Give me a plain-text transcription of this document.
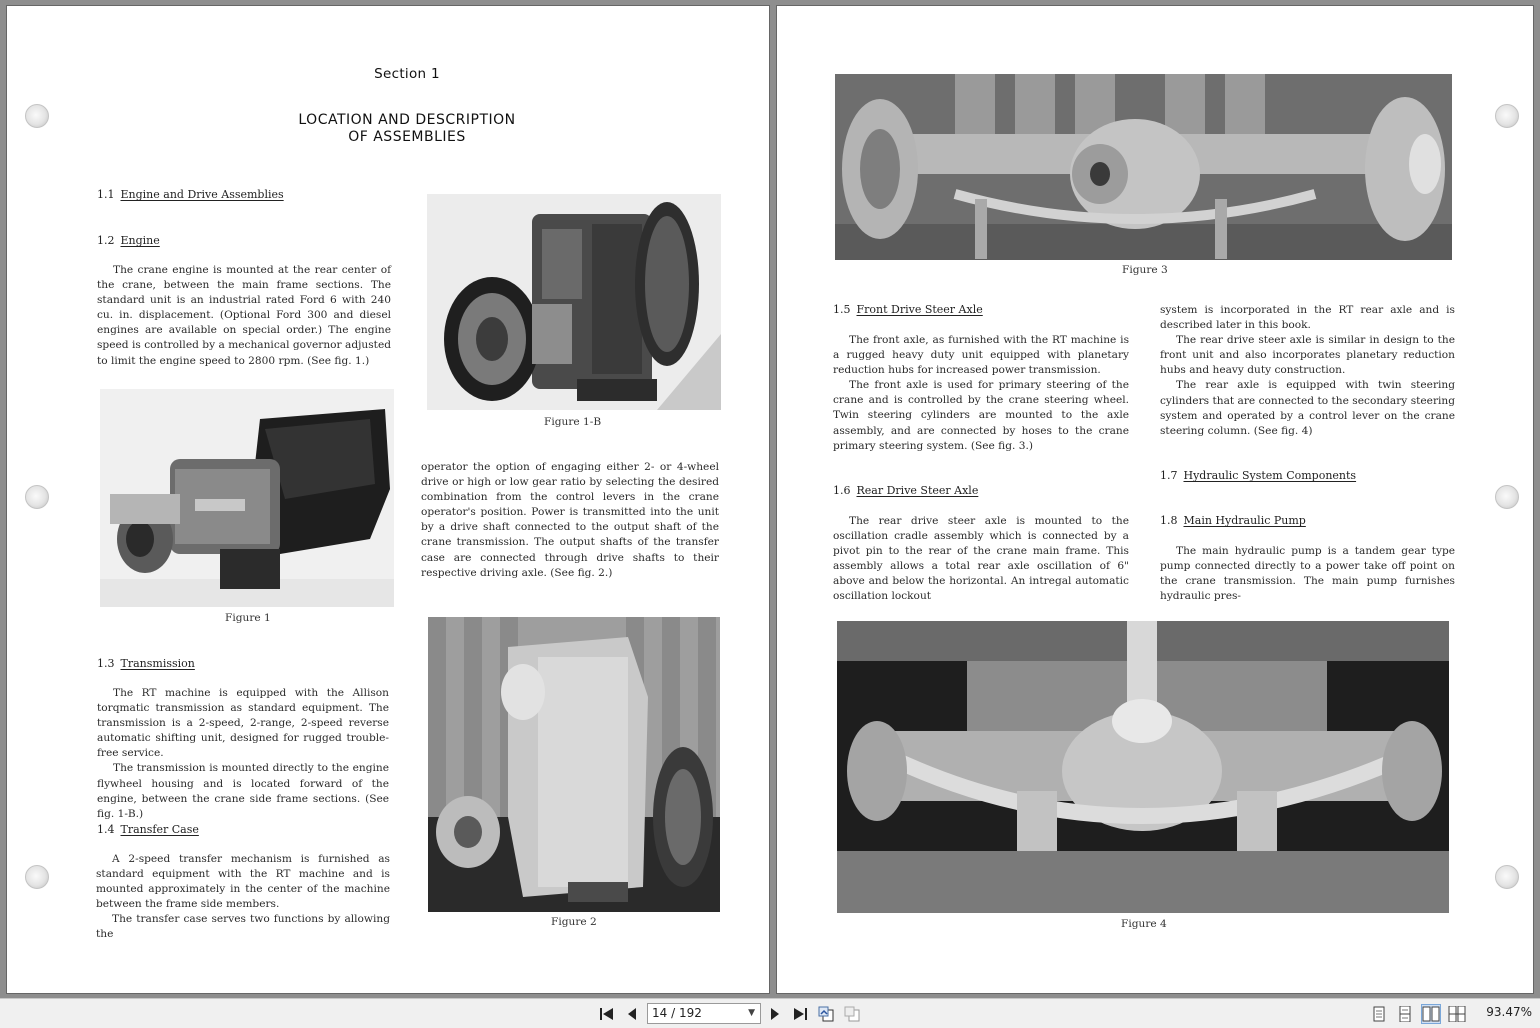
Section 1
LOCATION AND DESCRIPTION
OF ASSEMBLIES
1.1 Engine and Drive Assemblies
1.2 Engine

The crane engine is mounted at the rear center of the crane, between the main frame sections. The standard unit is an industrial rated Ford 6 with 240 cu. in. displacement. (Optional Ford 300 and diesel engines are available on special order.) The engine speed is controlled by a mechanical governor adjusted to limit the engine speed to 2800 rpm. (See fig. 1.)

Figure 1
Figure 1-B

operator the option of engaging either 2- or 4-wheel drive or high or low gear ratio by selecting the desired combination from the control levers in the crane operator's position. Power is transmitted into the unit by a drive shaft connected to the output shaft of the crane transmission. The output shafts of the transfer case are connected through drive shafts to their respective driving axle. (See fig. 2.)

1.3 Transmission

The RT machine is equipped with the Allison torqmatic transmission as standard equipment. The transmission is a 2-speed, 2-range, 2-speed reverse automatic shifting unit, designed for rugged trouble-free service.

The transmission is mounted directly to the engine flywheel housing and is located forward of the engine, between the crane side frame sections. (See fig. 1-B.)

1.4 Transfer Case

A 2-speed transfer mechanism is furnished as standard equipment with the RT machine and is mounted approximately in the center of the machine between the frame side members.

The transfer case serves two functions by allowing the

Figure 2
Figure 3
1.5 Front Drive Steer Axle

The front axle, as furnished with the RT machine is a rugged heavy duty unit equipped with planetary reduction hubs for increased power transmission.

The front axle is used for primary steering of the crane and is controlled by the crane steering wheel. Twin steering cylinders are mounted to the axle assembly, and are connected by hoses to the crane primary steering system. (See fig. 3.)

1.6 Rear Drive Steer Axle

The rear drive steer axle is mounted to the oscillation cradle assembly which is connected by a pivot pin to the rear of the crane main frame. This assembly allows a total rear axle oscillation of 6" above and below the horizontal. An intregal automatic oscillation lockout

system is incorporated in the RT rear axle and is described later in this book.

The rear drive steer axle is similar in design to the front unit and also incorporates planetary reduction hubs and heavy duty construction.

The rear axle is equipped with twin steering cylinders that are connected to the secondary steering system and operated by a control lever on the crane steering column. (See fig. 4)

1.7 Hydraulic System Components
1.8 Main Hydraulic Pump

The main hydraulic pump is a tandem gear type pump connected directly to a power take off point on the crane transmission. The main pump furnishes hydraulic pres-

Figure 4
14 / 192	▼	93.47%
